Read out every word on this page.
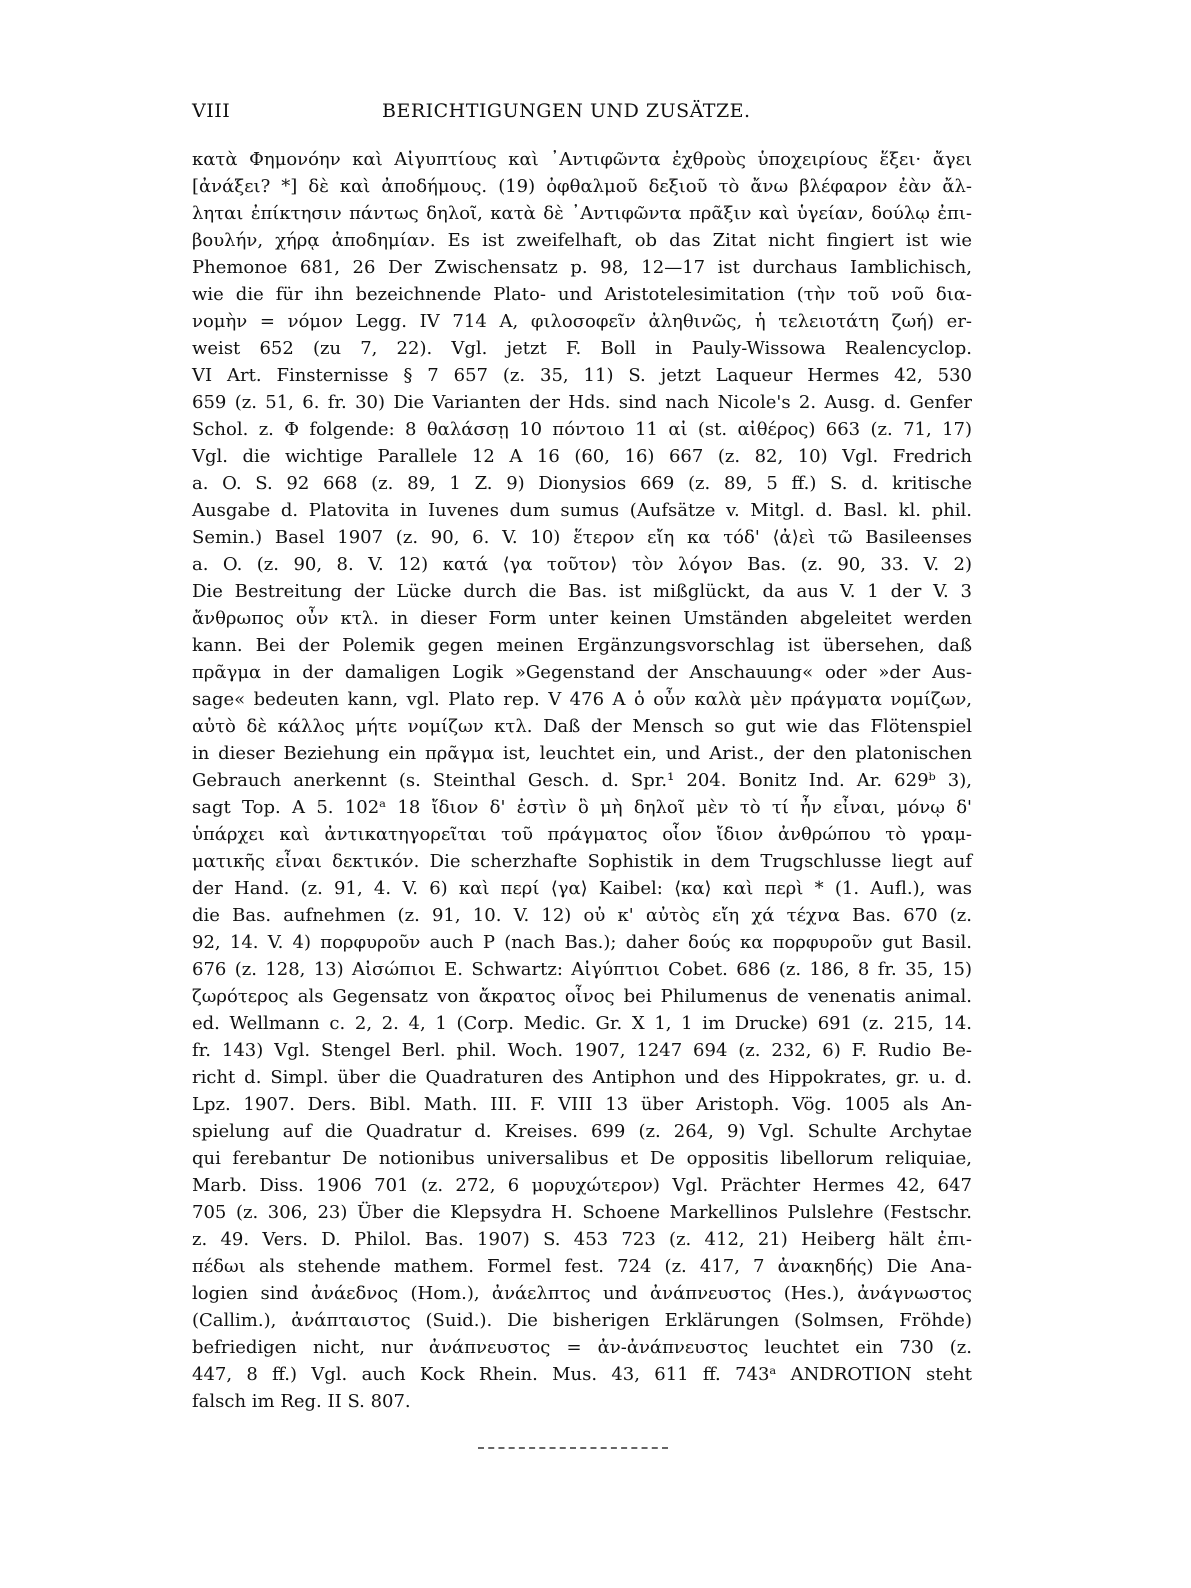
VIII	BERICHTIGUNGEN UND ZUSÄTZE.
κατὰ Φημονόην καὶ Αἰγυπτίους καὶ ᾿Αντιφῶντα ἐχθροὺς ὑποχειρίους ἕξει· ἄγει
[ἀνάξει? *] δὲ καὶ ἀποδήμους. (19) ὀφθαλμοῦ δεξιοῦ τὸ ἄνω βλέφαρον ἐὰν ἄλ-
ληται ἐπίκτησιν πάντως δηλοῖ, κατὰ δὲ ᾿Αντιφῶντα πρᾶξιν καὶ ὑγείαν, δούλῳ ἐπι-
βουλήν, χήρᾳ ἀποδημίαν. Es ist zweifelhaft, ob das Zitat nicht fingiert ist wie
Phemonoe 681, 26 Der Zwischensatz p. 98, 12—17 ist durchaus Iamblichisch,
wie die für ihn bezeichnende Plato- und Aristotelesimitation (τὴν τοῦ νοῦ δια-
νομὴν = νόμον Legg. IV 714 A, φιλοσοφεῖν ἀληθινῶς, ἡ τελειοτάτη ζωή) er-
weist 652 (zu 7, 22). Vgl. jetzt F. Boll in Pauly-Wissowa Realencyclop.
VI Art. Finsternisse § 7 657 (z. 35, 11) S. jetzt Laqueur Hermes 42, 530
659 (z. 51, 6. fr. 30) Die Varianten der Hds. sind nach Nicole's 2. Ausg. d. Genfer
Schol. z. Φ folgende: 8 θαλάσσῃ 10 πόντοιο 11 αἰ (st. αἰθέρος) 663 (z. 71, 17)
Vgl. die wichtige Parallele 12 A 16 (60, 16) 667 (z. 82, 10) Vgl. Fredrich
a. O. S. 92 668 (z. 89, 1 Z. 9) Dionysios 669 (z. 89, 5 ff.) S. d. kritische
Ausgabe d. Platovita in Iuvenes dum sumus (Aufsätze v. Mitgl. d. Basl. kl. phil.
Semin.) Basel 1907 (z. 90, 6. V. 10) ἕτερον εἴη κα τόδ' ⟨ἀ⟩εὶ τῶ Basileenses
a. O. (z. 90, 8. V. 12) κατά ⟨γα τοῦτον⟩ τὸν λόγον Bas. (z. 90, 33. V. 2)
Die Bestreitung der Lücke durch die Bas. ist mißglückt, da aus V. 1 der V. 3
ἄνθρωπος οὖν κτλ. in dieser Form unter keinen Umständen abgeleitet werden
kann. Bei der Polemik gegen meinen Ergänzungsvorschlag ist übersehen, daß
πρᾶγμα in der damaligen Logik »Gegenstand der Anschauung« oder »der Aus-
sage« bedeuten kann, vgl. Plato rep. V 476 A ὁ οὖν καλὰ μὲν πράγματα νομίζων,
αὐτὸ δὲ κάλλος μήτε νομίζων κτλ. Daß der Mensch so gut wie das Flötenspiel
in dieser Beziehung ein πρᾶγμα ist, leuchtet ein, und Arist., der den platonischen
Gebrauch anerkennt (s. Steinthal Gesch. d. Spr.¹ 204. Bonitz Ind. Ar. 629ᵇ 3),
sagt Top. A 5. 102ᵃ 18 ἴδιον δ' ἐστὶν ὃ μὴ δηλοῖ μὲν τὸ τί ἦν εἶναι, μόνῳ δ'
ὑπάρχει καὶ ἀντικατηγορεῖται τοῦ πράγματος οἷον ἴδιον ἀνθρώπου τὸ γραμ-
ματικῆς εἶναι δεκτικόν. Die scherzhafte Sophistik in dem Trugschlusse liegt auf
der Hand. (z. 91, 4. V. 6) καὶ περί ⟨γα⟩ Kaibel: ⟨κα⟩ καὶ περὶ * (1. Aufl.), was
die Bas. aufnehmen (z. 91, 10. V. 12) οὐ κ' αὐτὸς εἴη χά τέχνα Bas. 670 (z.
92, 14. V. 4) πορφυροῦν auch P (nach Bas.); daher δούς κα πορφυροῦν gut Basil.
676 (z. 128, 13) Αἰσώπιοι E. Schwartz: Αἰγύπτιοι Cobet. 686 (z. 186, 8 fr. 35, 15)
ζωρότερος als Gegensatz von ἄκρατος οἶνος bei Philumenus de venenatis animal.
ed. Wellmann c. 2, 2. 4, 1 (Corp. Medic. Gr. X 1, 1 im Drucke) 691 (z. 215, 14.
fr. 143) Vgl. Stengel Berl. phil. Woch. 1907, 1247 694 (z. 232, 6) F. Rudio Be-
richt d. Simpl. über die Quadraturen des Antiphon und des Hippokrates, gr. u. d.
Lpz. 1907. Ders. Bibl. Math. III. F. VIII 13 über Aristoph. Vög. 1005 als An-
spielung auf die Quadratur d. Kreises. 699 (z. 264, 9) Vgl. Schulte Archytae
qui ferebantur De notionibus universalibus et De oppositis libellorum reliquiae,
Marb. Diss. 1906 701 (z. 272, 6 μορυχώτερον) Vgl. Prächter Hermes 42, 647
705 (z. 306, 23) Über die Klepsydra H. Schoene Markellinos Pulslehre (Festschr.
z. 49. Vers. D. Philol. Bas. 1907) S. 453 723 (z. 412, 21) Heiberg hält ἐπι-
πέδωι als stehende mathem. Formel fest. 724 (z. 417, 7 ἀνακηδής) Die Ana-
logien sind ἀνάεδνος (Hom.), ἀνάελπτος und ἀνάπνευστος (Hes.), ἀνάγνωστος
(Callim.), ἀνάπταιστος (Suid.). Die bisherigen Erklärungen (Solmsen, Fröhde)
befriedigen nicht, nur ἀνάπνευστος = ἀν-ἀνάπνευστος leuchtet ein 730 (z.
447, 8 ff.) Vgl. auch Kock Rhein. Mus. 43, 611 ff. 743ᵃ ANDROTION steht
falsch im Reg. II S. 807.
